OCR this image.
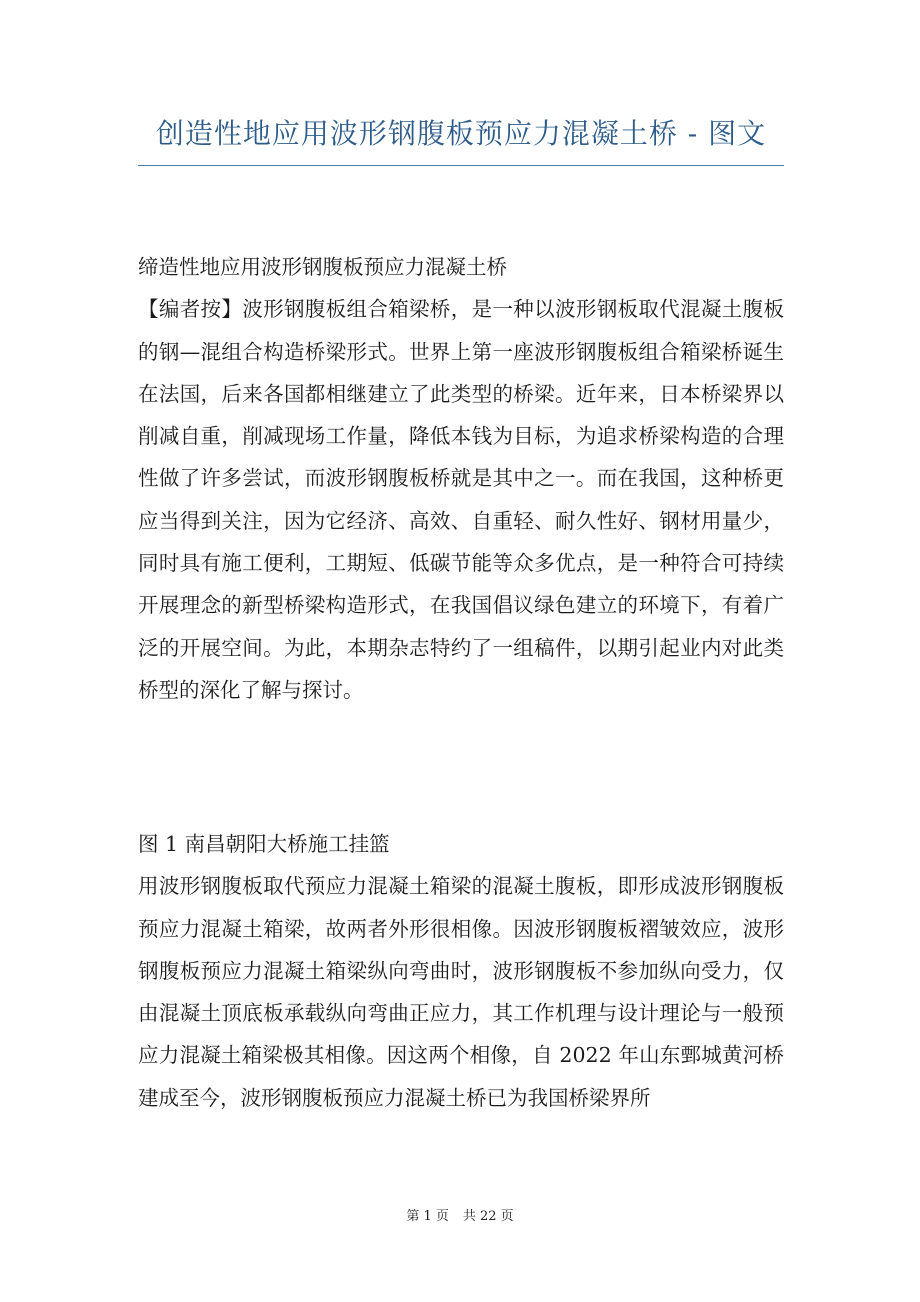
创造性地应用波形钢腹板预应力混凝土桥 - 图文

缔造性地应用波形钢腹板预应力混凝土桥

【编者按】波形钢腹板组合箱梁桥，是一种以波形钢板取代混凝土腹板的钢—混组合构造桥梁形式。世界上第一座波形钢腹板组合箱梁桥诞生在法国，后来各国都相继建立了此类型的桥梁。近年来，日本桥梁界以削减自重，削减现场工作量，降低本钱为目标，为追求桥梁构造的合理性做了许多尝试，而波形钢腹板桥就是其中之一。而在我国，这种桥更应当得到关注，因为它经济、高效、自重轻、耐久性好、钢材用量少，同时具有施工便利，工期短、低碳节能等众多优点，是一种符合可持续开展理念的新型桥梁构造形式，在我国倡议绿色建立的环境下，有着广泛的开展空间。为此，本期杂志特约了一组稿件，以期引起业内对此类桥型的深化了解与探讨。

图 1 南昌朝阳大桥施工挂篮

用波形钢腹板取代预应力混凝土箱梁的混凝土腹板，即形成波形钢腹板预应力混凝土箱梁，故两者外形很相像。因波形钢腹板褶皱效应，波形钢腹板预应力混凝土箱梁纵向弯曲时，波形钢腹板不参加纵向受力，仅由混凝土顶底板承载纵向弯曲正应力，其工作机理与设计理论与一般预应力混凝土箱梁极其相像。因这两个相像，自 2022 年山东鄄城黄河桥建成至今，波形钢腹板预应力混凝土桥已为我国桥梁界所

第 1 页 共 22 页
